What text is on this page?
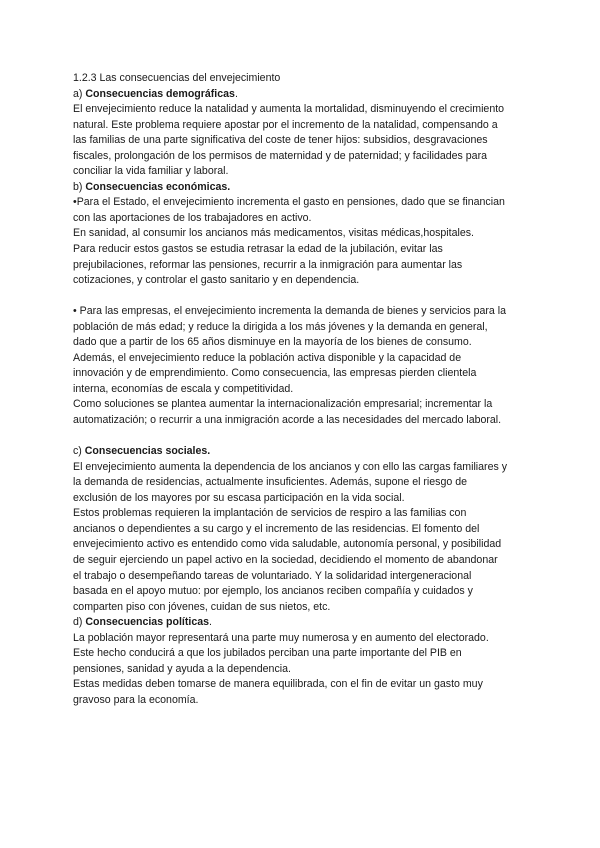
1.2.3 Las consecuencias del envejecimiento
a) Consecuencias demográficas.
El envejecimiento reduce la natalidad y aumenta la mortalidad, disminuyendo el crecimiento
natural. Este problema requiere apostar por el incremento de la natalidad, compensando a
las familias de una parte significativa del coste de tener hijos: subsidios, desgravaciones
fiscales, prolongación de los permisos de maternidad y de paternidad; y facilidades para
conciliar la vida familiar y laboral.
b) Consecuencias económicas.
•Para el Estado, el envejecimiento incrementa el gasto en pensiones, dado que se financian
con las aportaciones de los trabajadores en activo.
En sanidad, al consumir los ancianos más medicamentos, visitas médicas,hospitales.
Para reducir estos gastos se estudia retrasar la edad de la jubilación, evitar las
prejubilaciones, reformar las pensiones, recurrir a la inmigración para aumentar las
cotizaciones, y controlar el gasto sanitario y en dependencia.
• Para las empresas, el envejecimiento incrementa la demanda de bienes y servicios para la
población de más edad; y reduce la dirigida a los más jóvenes y la demanda en general,
dado que a partir de los 65 años disminuye en la mayoría de los bienes de consumo.
Además, el envejecimiento reduce la población activa disponible y la capacidad de
innovación y de emprendimiento. Como consecuencia, las empresas pierden clientela
interna, economías de escala y competitividad.
Como soluciones se plantea aumentar la internacionalización empresarial; incrementar la
automatización; o recurrir a una inmigración acorde a las necesidades del mercado laboral.
c) Consecuencias sociales.
El envejecimiento aumenta la dependencia de los ancianos y con ello las cargas familiares y
la demanda de residencias, actualmente insuficientes. Además, supone el riesgo de
exclusión de los mayores por su escasa participación en la vida social.
Estos problemas requieren la implantación de servicios de respiro a las familias con
ancianos o dependientes a su cargo y el incremento de las residencias. El fomento del
envejecimiento activo es entendido como vida saludable, autonomía personal, y posibilidad
de seguir ejerciendo un papel activo en la sociedad, decidiendo el momento de abandonar
el trabajo o desempeñando tareas de voluntariado. Y la solidaridad intergeneracional
basada en el apoyo mutuo: por ejemplo, los ancianos reciben compañía y cuidados y
comparten piso con jóvenes, cuidan de sus nietos, etc.
d) Consecuencias políticas.
La población mayor representará una parte muy numerosa y en aumento del electorado.
Este hecho conducirá a que los jubilados perciban una parte importante del PIB en
pensiones, sanidad y ayuda a la dependencia.
Estas medidas deben tomarse de manera equilibrada, con el fin de evitar un gasto muy
gravoso para la economía.
